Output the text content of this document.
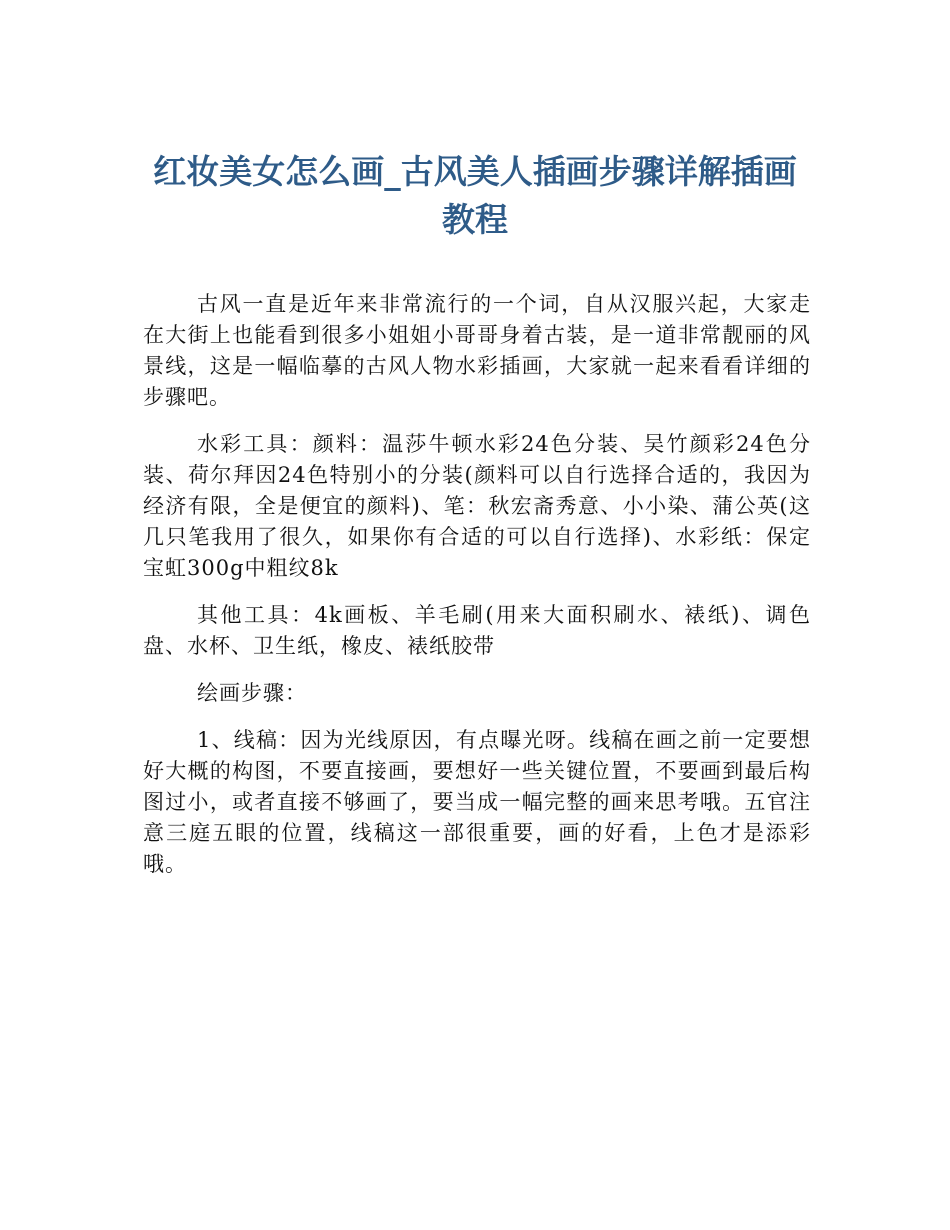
红妆美女怎么画_古风美人插画步骤详解插画教程

古风一直是近年来非常流行的一个词，自从汉服兴起，大家走在大街上也能看到很多小姐姐小哥哥身着古装，是一道非常靓丽的风景线，这是一幅临摹的古风人物水彩插画，大家就一起来看看详细的步骤吧。

水彩工具：颜料：温莎牛顿水彩24色分装、吴竹颜彩24色分装、荷尔拜因24色特别小的分装(颜料可以自行选择合适的，我因为经济有限，全是便宜的颜料)、笔：秋宏斋秀意、小小染、蒲公英(这几只笔我用了很久，如果你有合适的可以自行选择)、水彩纸：保定宝虹300g中粗纹8k

其他工具：4k画板、羊毛刷(用来大面积刷水、裱纸)、调色盘、水杯、卫生纸，橡皮、裱纸胶带

绘画步骤：

1、线稿：因为光线原因，有点曝光呀。线稿在画之前一定要想好大概的构图，不要直接画，要想好一些关键位置，不要画到最后构图过小，或者直接不够画了，要当成一幅完整的画来思考哦。五官注意三庭五眼的位置，线稿这一部很重要，画的好看，上色才是添彩哦。
